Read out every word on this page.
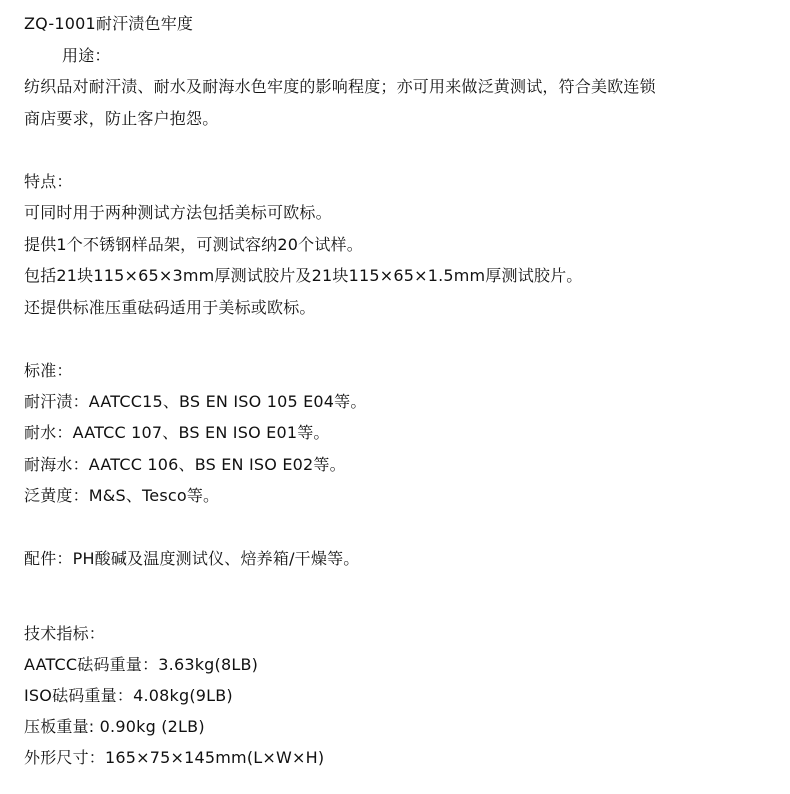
ZQ-1001耐汗渍色牢度
用途：
纺织品对耐汗渍、耐水及耐海水色牢度的影响程度；亦可用来做泛黄测试，符合美欧连锁
商店要求，防止客户抱怨。
特点：
可同时用于两种测试方法包括美标可欧标。
提供1个不锈钢样品架，可测试容纳20个试样。
包括21块115×65×3mm厚测试胶片及21块115×65×1.5mm厚测试胶片。
还提供标准压重砝码适用于美标或欧标。
标准：
耐汗渍：AATCC15、BS EN ISO 105 E04等。
耐水：AATCC 107、BS EN ISO E01等。
耐海水：AATCC 106、BS EN ISO E02等。
泛黄度：M&S、Tesco等。
配件：PH酸碱及温度测试仪、焙养箱/干燥等。
技术指标：
AATCC砝码重量：3.63kg(8LB)
ISO砝码重量：4.08kg(9LB)
压板重量: 0.90kg (2LB)
外形尺寸：165×75×145mm(L×W×H)
